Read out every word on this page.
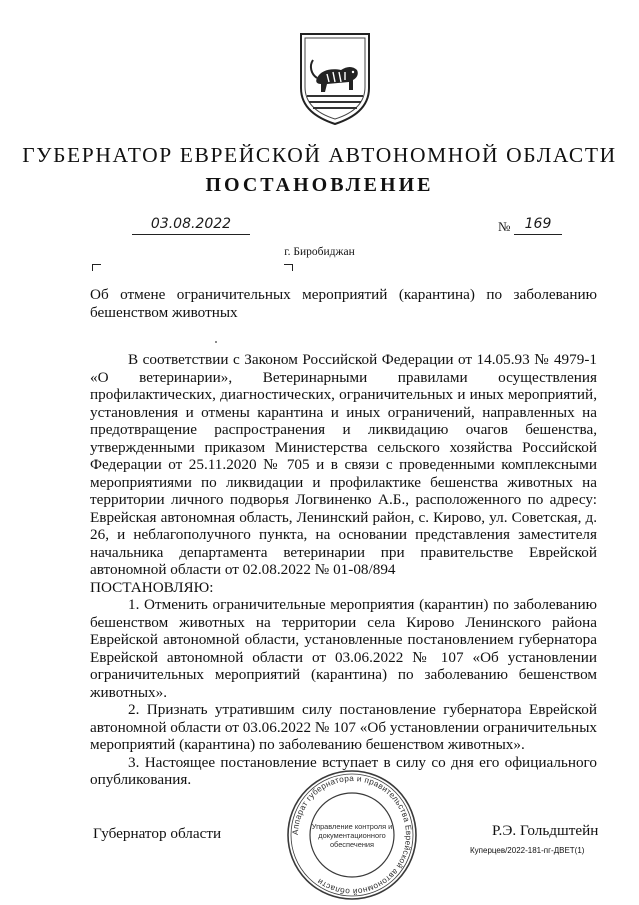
ГУБЕРНАТОР ЕВРЕЙСКОЙ АВТОНОМНОЙ ОБЛАСТИ
ПОСТАНОВЛЕНИЕ
03.08.2022	№	169
г. Биробиджан
Об отмене ограничительных мероприятий (карантина) по заболеванию бешенством животных

В соответствии с Законом Российской Федерации от 14.05.93 № 4979-1 «О ветеринарии», Ветеринарными правилами осуществления профилактических, диагностических, ограничительных и иных мероприятий, установления и отмены карантина и иных ограничений, направленных на предотвращение распространения и ликвидацию очагов бешенства, утвержденными приказом Министерства сельского хозяйства Российской Федерации от 25.11.2020 № 705 и в связи с проведенными комплексными мероприятиями по ликвидации и профилактике бешенства животных на территории личного подворья Логвиненко А.Б., расположенного по адресу: Еврейская автономная область, Ленинский район, с. Кирово, ул. Советская, д. 26, и неблагополучного пункта, на основании представления заместителя начальника департамента ветеринарии при правительстве Еврейской автономной области от 02.08.2022 № 01-08/894

ПОСТАНОВЛЯЮ:

1. Отменить ограничительные мероприятия (карантин) по заболеванию бешенством животных на территории села Кирово Ленинского района Еврейской автономной области, установленные постановлением губернатора Еврейской автономной области от 03.06.2022 № 107 «Об установлении ограничительных мероприятий (карантина) по заболеванию бешенством животных».

2. Признать утратившим силу постановление губернатора Еврейской автономной области от 03.06.2022 № 107 «Об установлении ограничительных мероприятий (карантина) по заболеванию бешенством животных».

3. Настоящее постановление вступает в силу со дня его официального опубликования.

Губернатор области	Аппарат губернатора и правительства Еврейской автономной области
Управление контроля и
документационного
обеспечения
Р.Э. Гольдштейн
Куперцев/2022-181-пг-ДВЕТ(1)
